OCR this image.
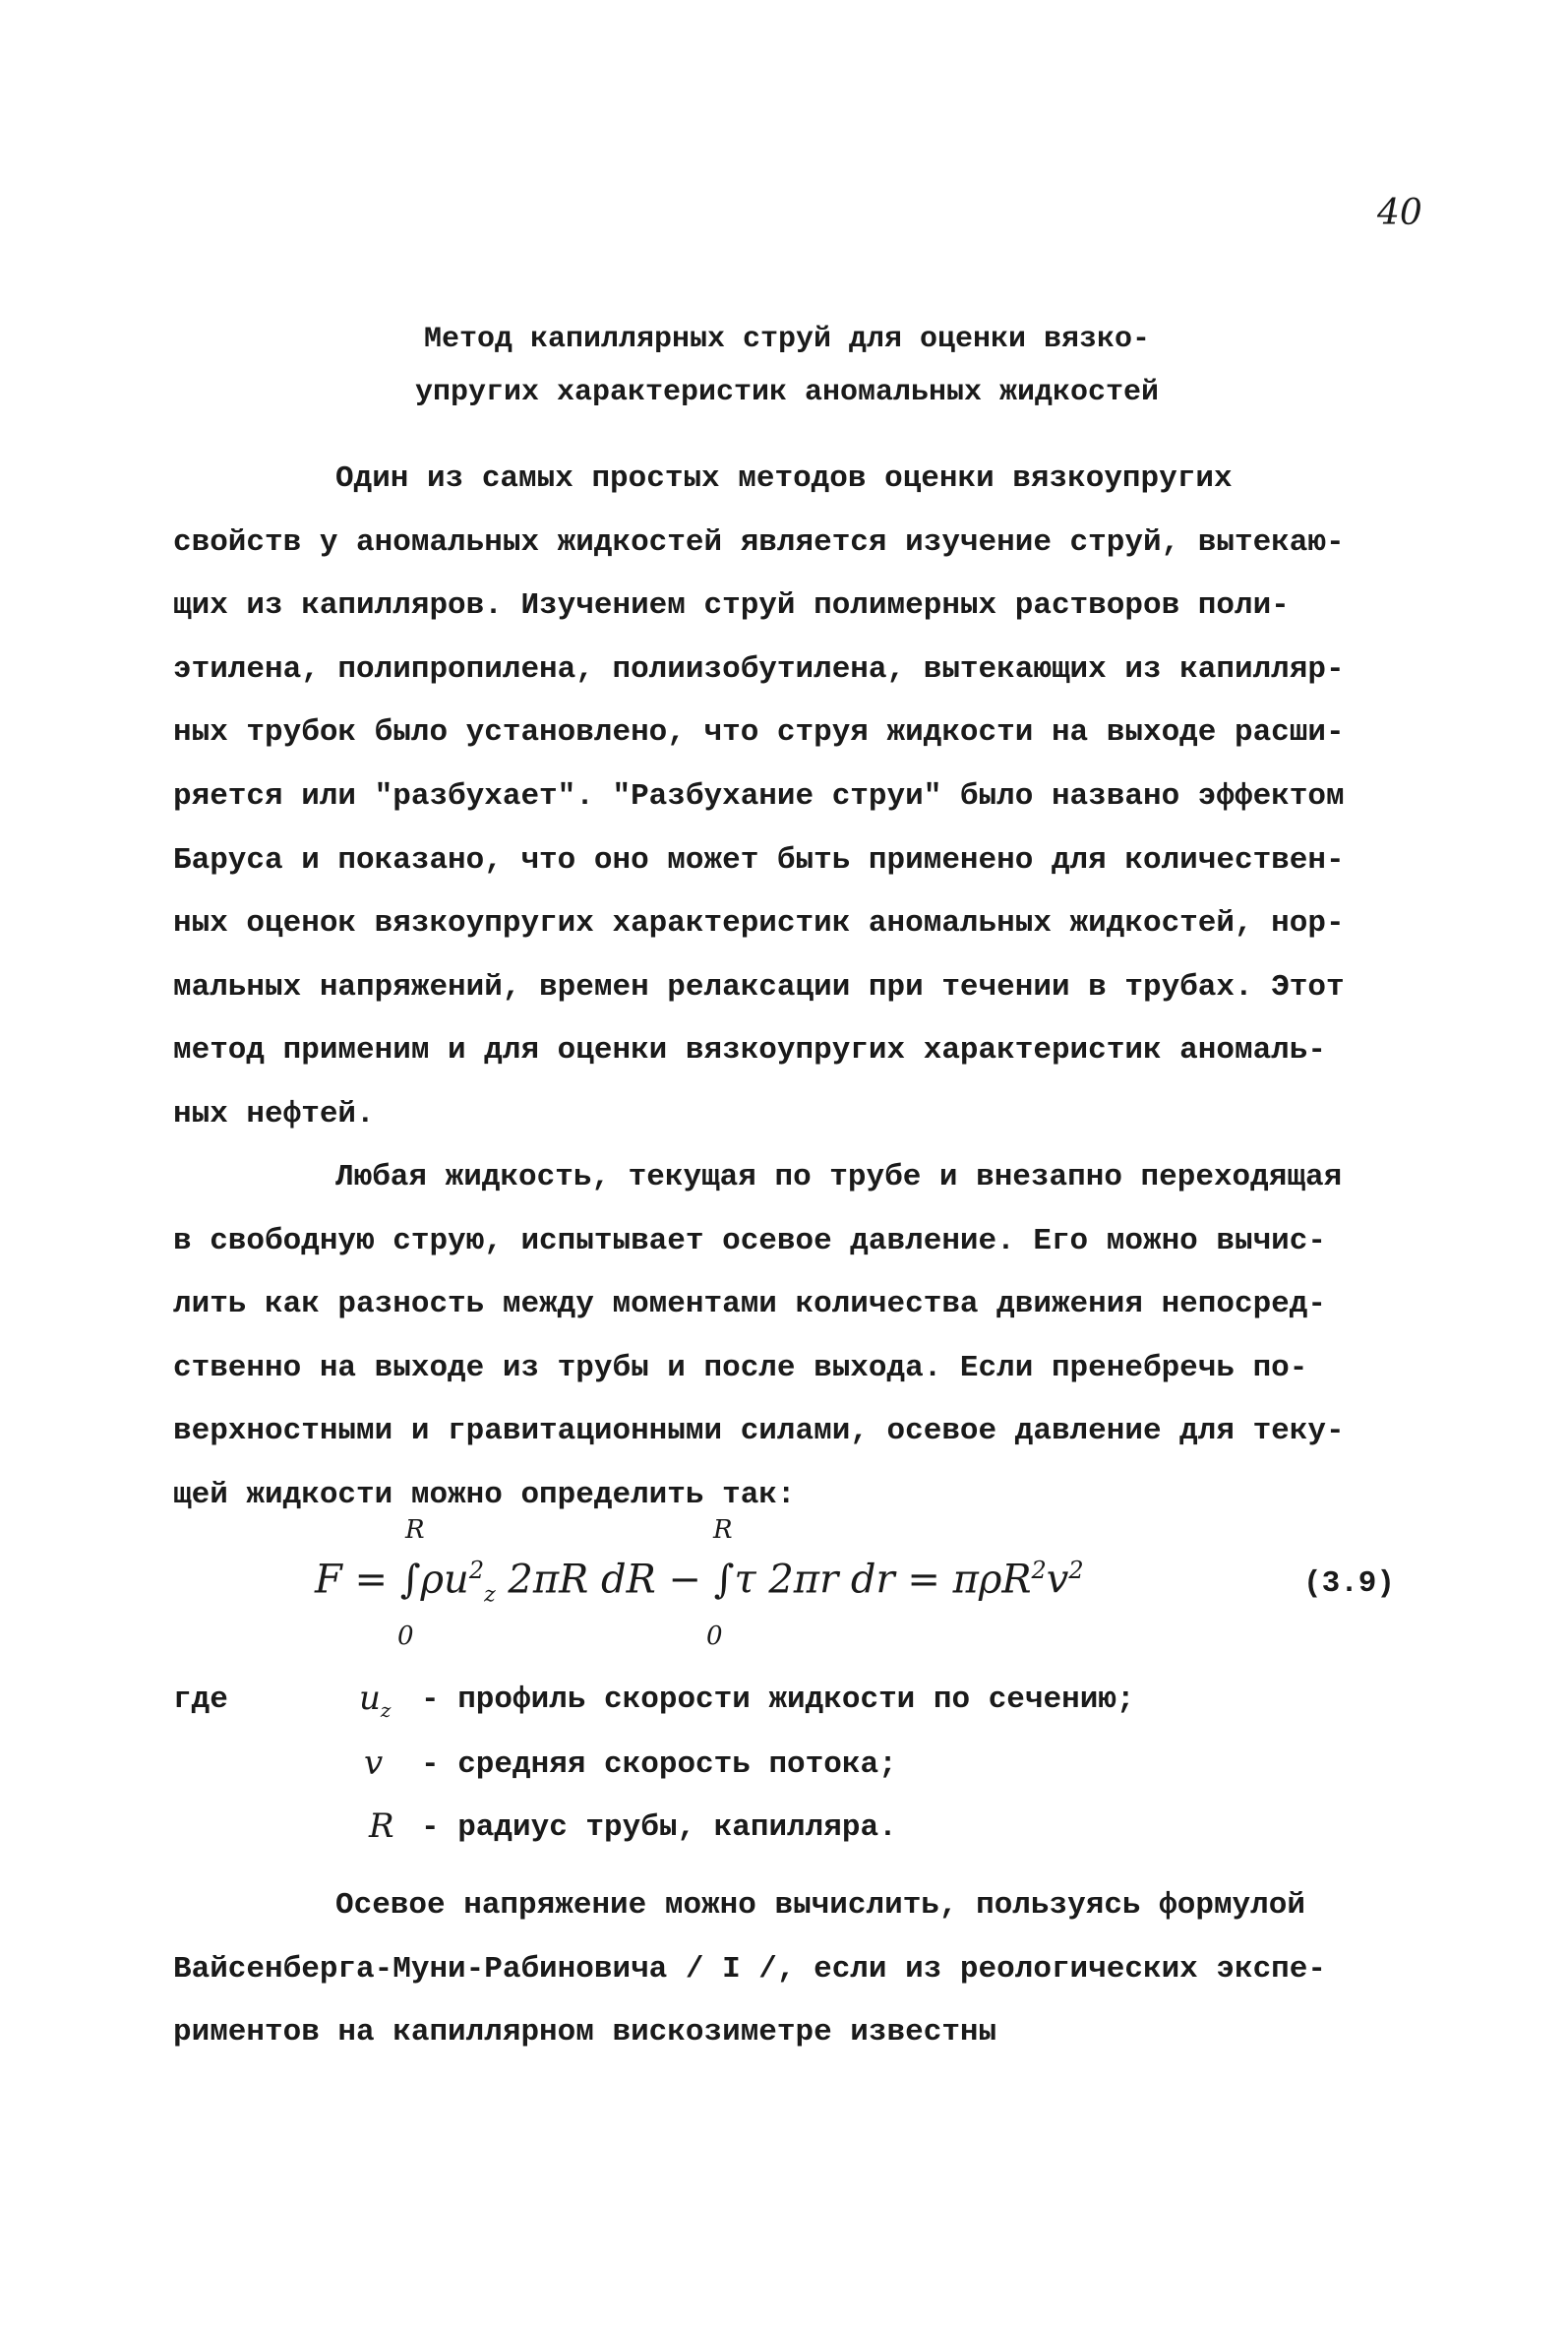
40
Метод капиллярных струй для оценки вязко-
упругих характеристик аномальных жидкостей
Один из самых простых методов оценки вязкоупругих
свойств у аномальных жидкостей является изучение струй, вытекаю-
щих из капилляров. Изучением струй полимерных растворов поли-
этилена, полипропилена, полиизобутилена, вытекающих из капилляр-
ных трубок было установлено, что струя жидкости на выходе расши-
ряется или "разбухает". "Разбухание струи" было названо эффектом
Баруса и показано, что оно может быть применено для количествен-
ных оценок вязкоупругих характеристик аномальных жидкостей, нор-
мальных напряжений, времен релаксации при течении в трубах. Этот
метод применим и для оценки вязкоупругих характеристик аномаль-
ных нефтей.
Любая жидкость, текущая по трубе и внезапно переходящая
в свободную струю, испытывает осевое давление. Его можно вычис-
лить как разность между моментами количества движения непосред-
ственно на выходе из трубы и после выхода. Если пренебречь по-
верхностными и гравитационными силами, осевое давление для теку-
щей жидкости можно определить так:
R
0
R
0
$F = \int\rho u^2_z$ 2πR dR − ∫τ 2πr dr = $\pi\rho R^2v^2$	(3.9)
где	$u_z$ - профиль скорости жидкости по сечению;
v - средняя скорость потока;
R - радиус трубы, капилляра.
Осевое напряжение можно вычислить, пользуясь формулой
Вайсенберга-Муни-Рабиновича / I /, если из реологических экспе-
риментов на капиллярном вискозиметре известны
